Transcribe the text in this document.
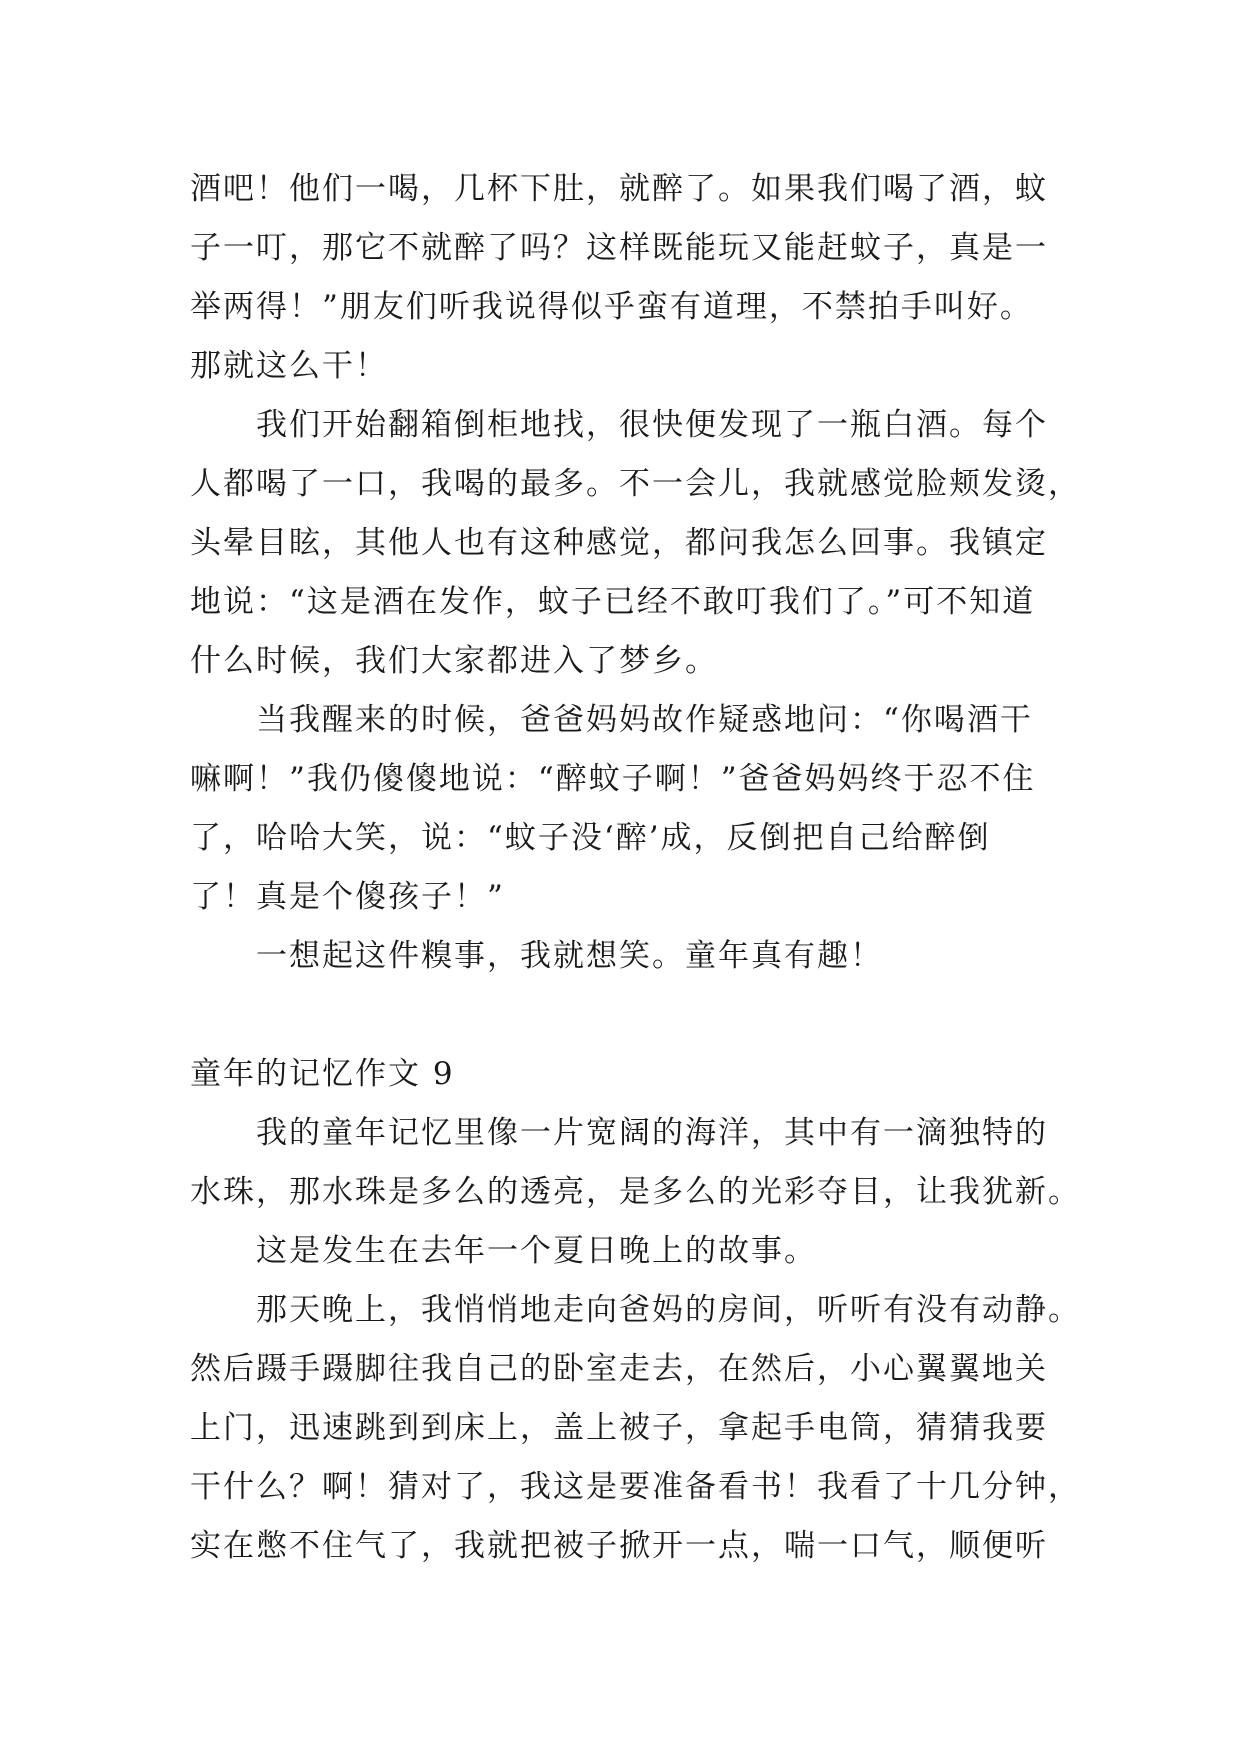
酒吧！他们一喝，几杯下肚，就醉了。如果我们喝了酒，蚊
子一叮，那它不就醉了吗？这样既能玩又能赶蚊子，真是一
举两得！”朋友们听我说得似乎蛮有道理，不禁拍手叫好。
那就这么干！
我们开始翻箱倒柜地找，很快便发现了一瓶白酒。每个
人都喝了一口，我喝的最多。不一会儿，我就感觉脸颊发烫，
头晕目眩，其他人也有这种感觉，都问我怎么回事。我镇定
地说：“这是酒在发作，蚊子已经不敢叮我们了。”可不知道
什么时候，我们大家都进入了梦乡。
当我醒来的时候，爸爸妈妈故作疑惑地问：“你喝酒干
嘛啊！”我仍傻傻地说：“醉蚊子啊！”爸爸妈妈终于忍不住
了，哈哈大笑，说：“蚊子没‘醉’成，反倒把自己给醉倒
了！真是个傻孩子！”
一想起这件糗事，我就想笑。童年真有趣！
童年的记忆作文 9
我的童年记忆里像一片宽阔的海洋，其中有一滴独特的
水珠，那水珠是多么的透亮，是多么的光彩夺目，让我犹新。
这是发生在去年一个夏日晚上的故事。
那天晚上，我悄悄地走向爸妈的房间，听听有没有动静。
然后蹑手蹑脚往我自己的卧室走去，在然后，小心翼翼地关
上门，迅速跳到到床上，盖上被子，拿起手电筒，猜猜我要
干什么？啊！猜对了，我这是要准备看书！我看了十几分钟，
实在憋不住气了，我就把被子掀开一点，喘一口气，顺便听
